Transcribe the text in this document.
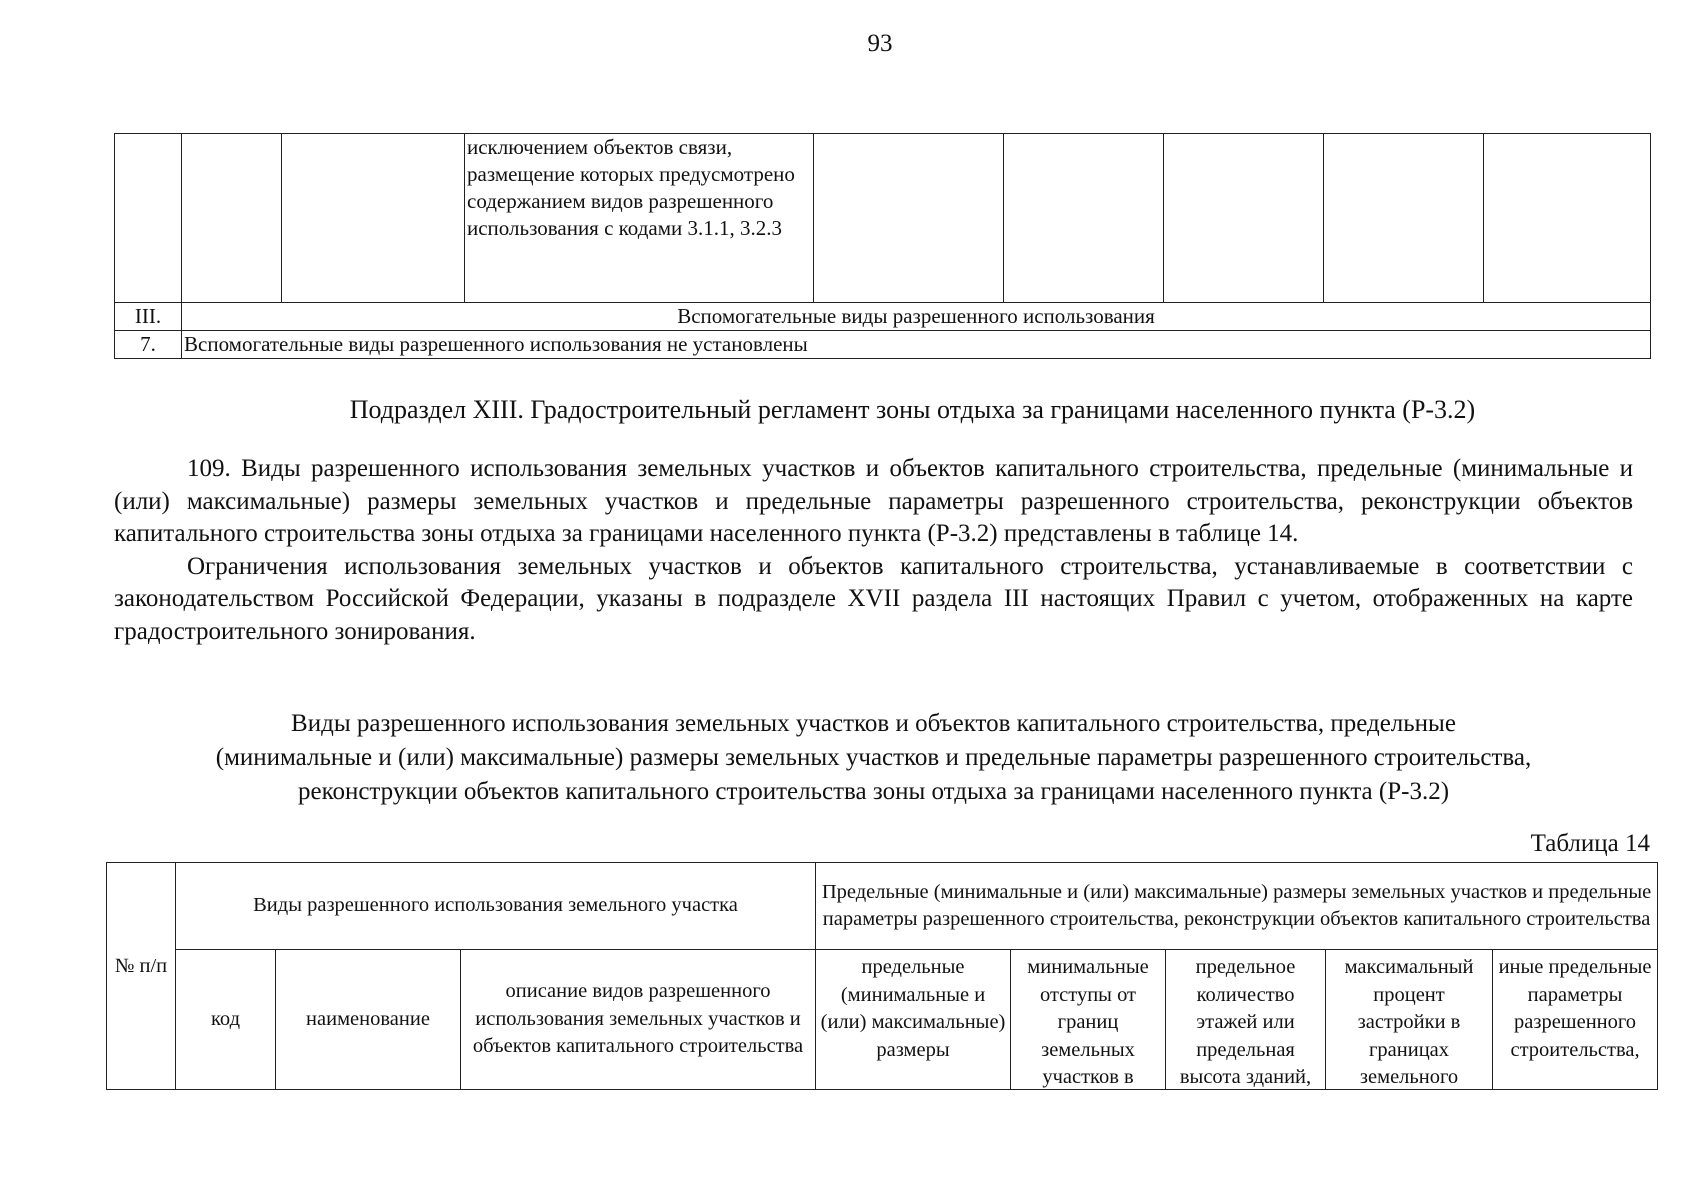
93
			исключением объектов связи, размещение которых предусмотрено содержанием видов разрешенного использования с кодами 3.1.1, 3.2.3					
III.	Вспомогательные виды разрешенного использования							
7.	Вспомогательные виды разрешенного использования не установлены							
Подраздел XIII. Градостроительный регламент зоны отдыха за границами населенного пункта (Р-3.2)

109. Виды разрешенного использования земельных участков и объектов капитального строительства, предельные (минимальные и (или) максимальные) размеры земельных участков и предельные параметры разрешенного строительства, реконструкции объектов капитального строительства зоны отдыха за границами населенного пункта (Р-3.2) представлены в таблице 14.

Ограничения использования земельных участков и объектов капитального строительства, устанавливаемые в соответствии с законодательством Российской Федерации, указаны в подразделе XVII раздела III настоящих Правил с учетом, отображенных на карте градостроительного зонирования.

Виды разрешенного использования земельных участков и объектов капитального строительства, предельные
(минимальные и (или) максимальные) размеры земельных участков и предельные параметры разрешенного строительства,
реконструкции объектов капитального строительства зоны отдыха за границами населенного пункта (Р-3.2)
Таблица 14
№ п/п	Виды разрешенного использования земельного участка			Предельные (минимальные и (или) максимальные) размеры земельных участков и предельные параметры разрешенного строительства, реконструкции объектов капитального строительства				
	код	наименование	описание видов разрешенного использования земельных участков и объектов капитального строительства	предельные (минимальные и (или) максимальные) размеры	минимальные отступы от границ земельных участков в	предельное количество этажей или предельная высота зданий,	максимальный процент застройки в границах земельного	иные предельные параметры разрешенного строительства,
